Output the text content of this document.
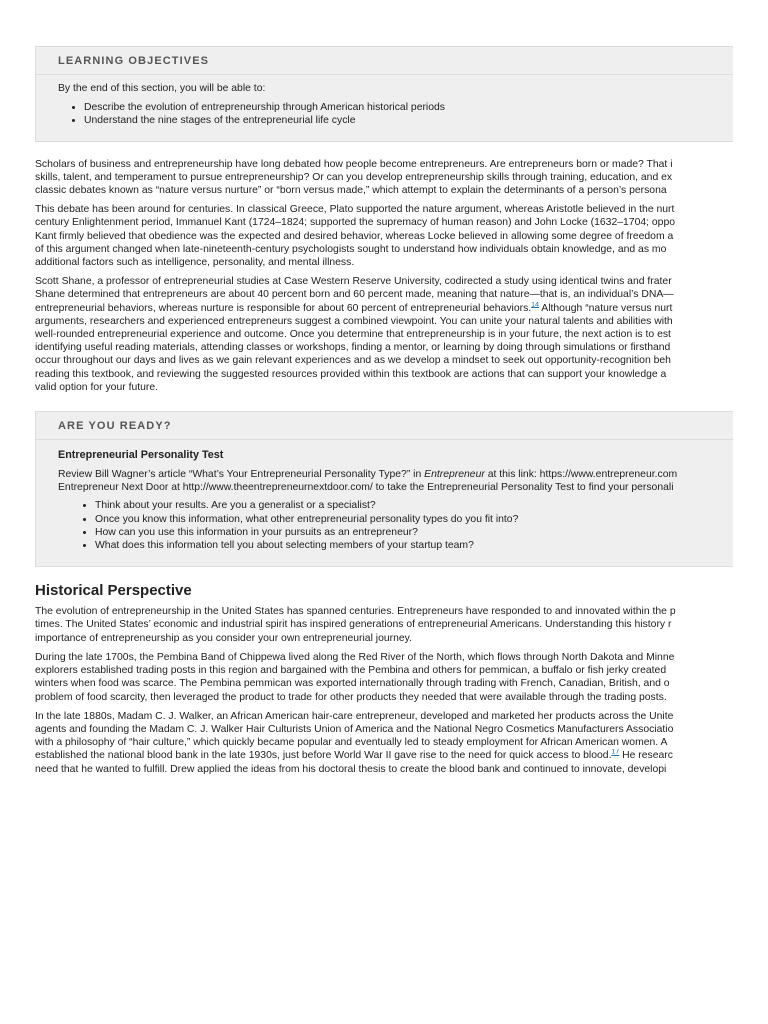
LEARNING OBJECTIVES

By the end of this section, you will be able to:

• Describe the evolution of entrepreneurship through American historical periods
• Understand the nine stages of the entrepreneurial life cycle

Scholars of business and entrepreneurship have long debated how people become entrepreneurs. Are entrepreneurs born or made? That i
skills, talent, and temperament to pursue entrepreneurship? Or can you develop entrepreneurship skills through training, education, and ex
classic debates known as “nature versus nurture” or “born versus made,” which attempt to explain the determinants of a person’s persona

This debate has been around for centuries. In classical Greece, Plato supported the nature argument, whereas Aristotle believed in the nurt
century Enlightenment period, Immanuel Kant (1724–1824; supported the supremacy of human reason) and John Locke (1632–1704; oppo
Kant firmly believed that obedience was the expected and desired behavior, whereas Locke believed in allowing some degree of freedom a
of this argument changed when late-nineteenth-century psychologists sought to understand how individuals obtain knowledge, and as mo
additional factors such as intelligence, personality, and mental illness.

Scott Shane, a professor of entrepreneurial studies at Case Western Reserve University, codirected a study using identical twins and frater
Shane determined that entrepreneurs are about 40 percent born and 60 percent made, meaning that nature—that is, an individual’s DNA—
entrepreneurial behaviors, whereas nurture is responsible for about 60 percent of entrepreneurial behaviors.$^{14}$ Although “nature versus nurt
arguments, researchers and experienced entrepreneurs suggest a combined viewpoint. You can unite your natural talents and abilities with
well-rounded entrepreneurial experience and outcome. Once you determine that entrepreneurship is in your future, the next action is to est
identifying useful reading materials, attending classes or workshops, finding a mentor, or learning by doing through simulations or firsthand
occur throughout our days and lives as we gain relevant experiences and as we develop a mindset to seek out opportunity-recognition beh
reading this textbook, and reviewing the suggested resources provided within this textbook are actions that can support your knowledge a
valid option for your future.

ARE YOU READY?

Entrepreneurial Personality Test

Review Bill Wagner’s article “What’s Your Entrepreneurial Personality Type?” in Entrepreneur at this link: https://www.entrepreneur.com
Entrepreneur Next Door at http://www.theentrepreneurnextdoor.com/ to take the Entrepreneurial Personality Test to find your personali

• Think about your results. Are you a generalist or a specialist?
• Once you know this information, what other entrepreneurial personality types do you fit into?
• How can you use this information in your pursuits as an entrepreneur?
• What does this information tell you about selecting members of your startup team?
Historical Perspective

The evolution of entrepreneurship in the United States has spanned centuries. Entrepreneurs have responded to and innovated within the p
times. The United States’ economic and industrial spirit has inspired generations of entrepreneurial Americans. Understanding this history r
importance of entrepreneurship as you consider your own entrepreneurial journey.

During the late 1700s, the Pembina Band of Chippewa lived along the Red River of the North, which flows through North Dakota and Minne
explorers established trading posts in this region and bargained with the Pembina and others for pemmican, a buffalo or fish jerky created
winters when food was scarce. The Pembina pemmican was exported internationally through trading with French, Canadian, British, and o
problem of food scarcity, then leveraged the product to trade for other products they needed that were available through the trading posts.

In the late 1880s, Madam C. J. Walker, an African American hair-care entrepreneur, developed and marketed her products across the Unite
agents and founding the Madam C. J. Walker Hair Culturists Union of America and the National Negro Cosmetics Manufacturers Associatio
with a philosophy of “hair culture,” which quickly became popular and eventually led to steady employment for African American women. A
established the national blood bank in the late 1930s, just before World War II gave rise to the need for quick access to blood.$^{17}$ He researc
need that he wanted to fulfill. Drew applied the ideas from his doctoral thesis to create the blood bank and continued to innovate, developi
